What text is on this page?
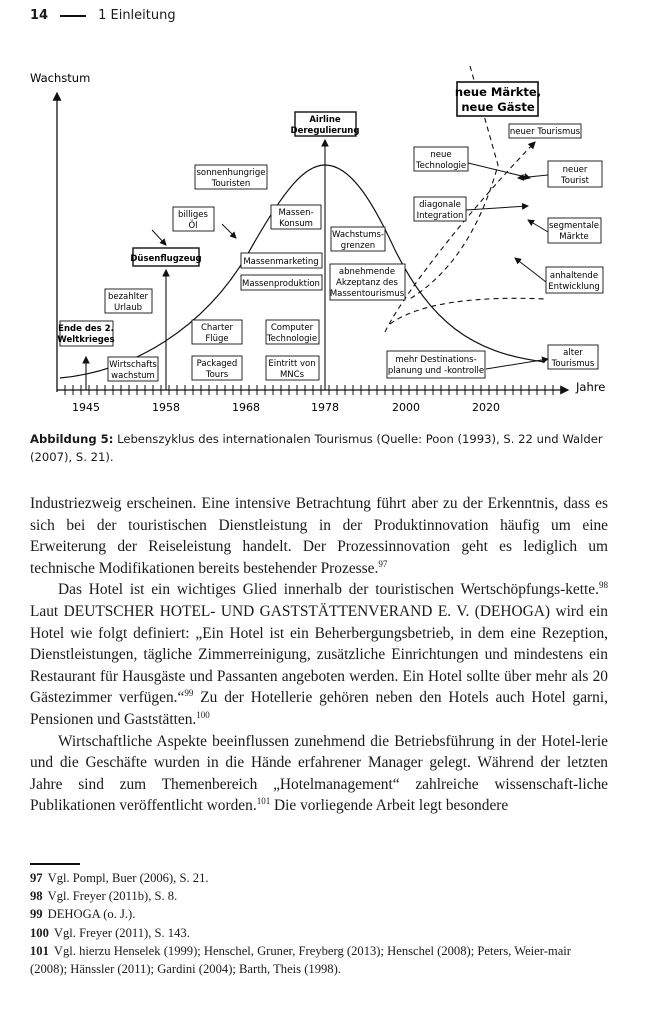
14	1 Einleitung
Wachstum
Jahre
1945	1958	1968	1978	2000	2020
Ende des 2.
Weltkrieges
Wirtschafts
wachstum
bezahlter
Urlaub
Düsenflugzeug
billiges
Öl
sonnenhungrige
Touristen
Charter
Flüge
Packaged
Tours
Massen-
Konsum
Massenmarketing
Massenproduktion
Computer
Technologie
Eintritt von
MNCs
Airline
Deregulierung
Wachstums-
grenzen
abnehmende
Akzeptanz des
Massentourismus
mehr Destinations-
planung und -kontrolle
neue
Technologie
diagonale
Integration
neue Märkte,
neue Gäste
neuer Tourismus
neuer
Tourist
segmentale
Märkte
anhaltende
Entwicklung
alter
Tourismus
Abbildung 5: Lebenszyklus des internationalen Tourismus (Quelle: Poon (1993), S. 22 und Walder (2007), S. 21).

Industriezweig erscheinen. Eine intensive Betrachtung führt aber zu der Erkenntnis, dass es sich bei der touristischen Dienstleistung in der Produktinnovation häufig um eine Erweiterung der Reiseleistung handelt. Der Prozessinnovation geht es lediglich um technische Modifikationen bereits bestehender Prozesse.$^{97}$

Das Hotel ist ein wichtiges Glied innerhalb der touristischen Wertschöpfungs-kette.$^{98}$ Laut DEUTSCHER HOTEL- UND GASTSTÄTTENVERAND E. V. (DEHOGA) wird ein Hotel wie folgt definiert: „Ein Hotel ist ein Beherbergungsbetrieb, in dem eine Rezeption, Dienstleistungen, tägliche Zimmerreinigung, zusätzliche Einrichtungen und mindestens ein Restaurant für Hausgäste und Passanten angeboten werden. Ein Hotel sollte über mehr als 20 Gästezimmer verfügen.“$^{99}$ Zu der Hotellerie gehören neben den Hotels auch Hotel garni, Pensionen und Gaststätten.$^{100}$

Wirtschaftliche Aspekte beeinflussen zunehmend die Betriebsführung in der Hotel-lerie und die Geschäfte wurden in die Hände erfahrener Manager gelegt. Während der letzten Jahre sind zum Themenbereich „Hotelmanagement“ zahlreiche wissenschaft-liche Publikationen veröffentlicht worden.$^{101}$ Die vorliegende Arbeit legt besondere

97 Vgl. Pompl, Buer (2006), S. 21.
98 Vgl. Freyer (2011b), S. 8.
99 DEHOGA (o. J.).
100 Vgl. Freyer (2011), S. 143.
101 Vgl. hierzu Henselek (1999); Henschel, Gruner, Freyberg (2013); Henschel (2008); Peters, Weier-mair (2008); Hänssler (2011); Gardini (2004); Barth, Theis (1998).
